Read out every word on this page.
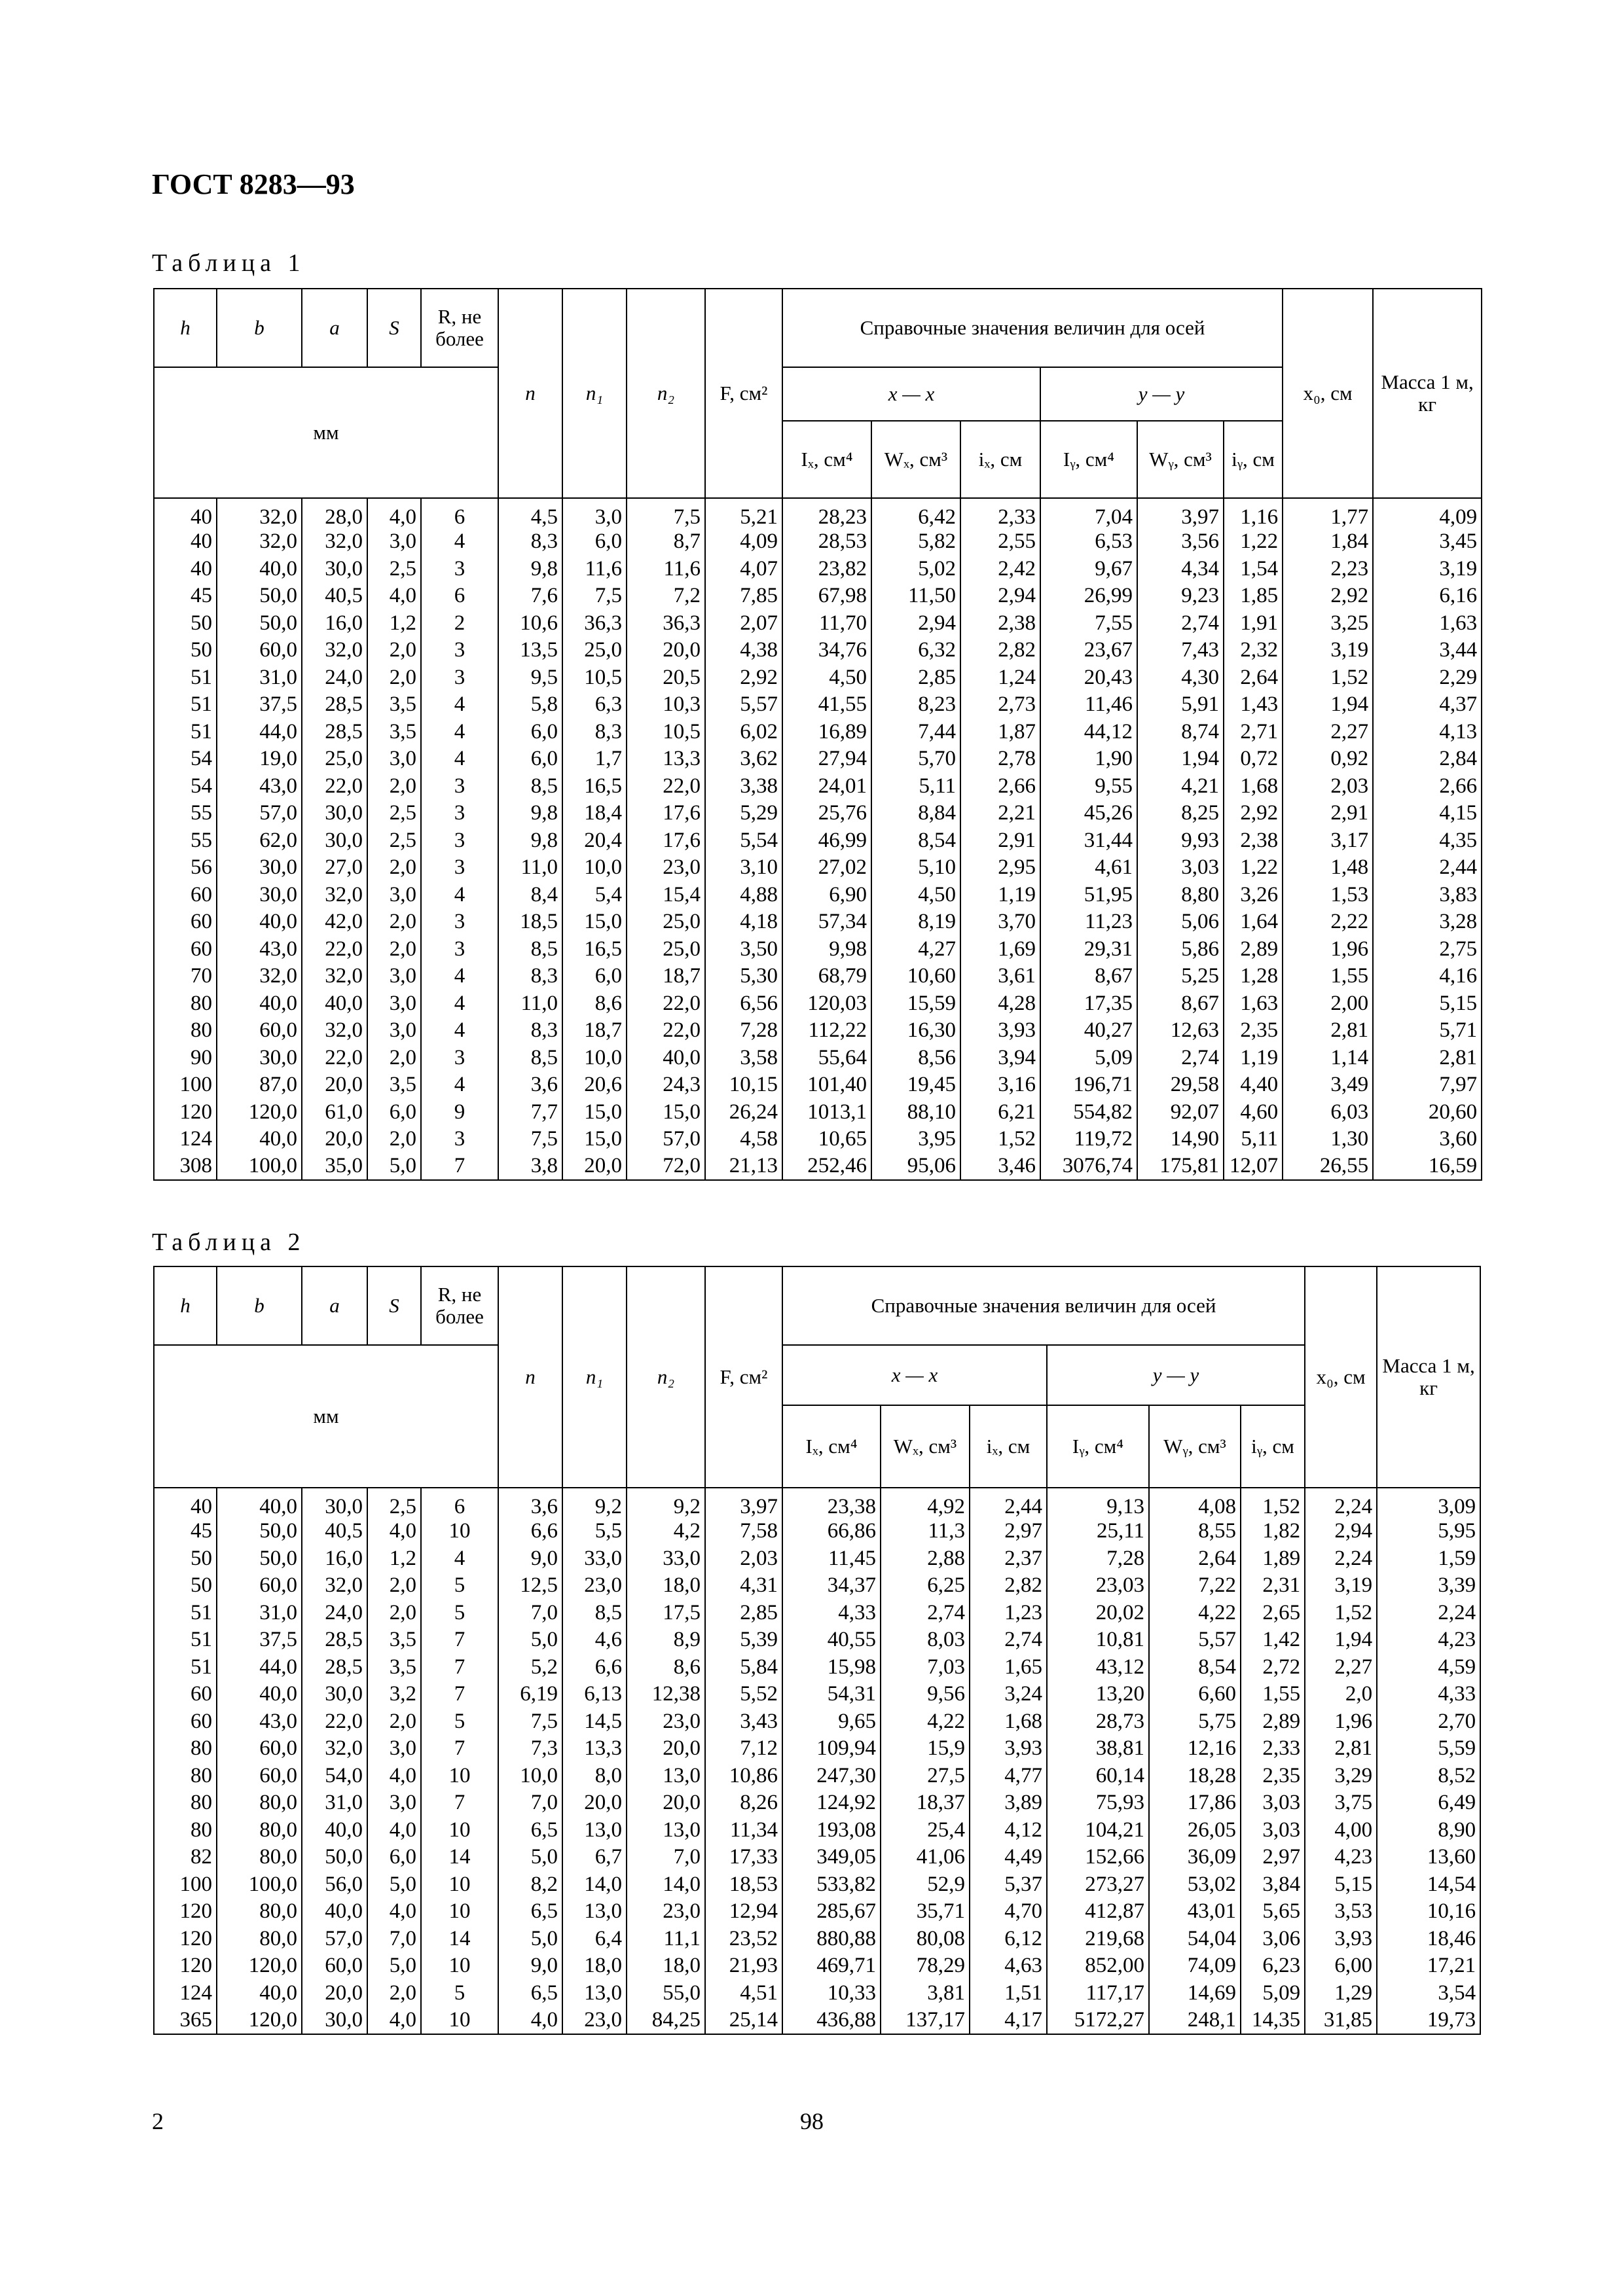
ГОСТ 8283—93
Таблица 1
h	b	a	S	R, не более	n	n₁	n₂	F, см²	Справочные значения величин для осей						x₀, см	Масса 1 м, кг
мм									x — x			y — y				
									Iₓ, см⁴	Wₓ, см³	iₓ, см	Iᵧ, см⁴	Wᵧ, см³	iᵧ, см		
40	32,0	28,0	4,0	6	4,5	3,0	7,5	5,21	28,23	6,42	2,33	7,04	3,97	1,16	1,77	4,09
40	32,0	32,0	3,0	4	8,3	6,0	8,7	4,09	28,53	5,82	2,55	6,53	3,56	1,22	1,84	3,45
40	40,0	30,0	2,5	3	9,8	11,6	11,6	4,07	23,82	5,02	2,42	9,67	4,34	1,54	2,23	3,19
45	50,0	40,5	4,0	6	7,6	7,5	7,2	7,85	67,98	11,50	2,94	26,99	9,23	1,85	2,92	6,16
50	50,0	16,0	1,2	2	10,6	36,3	36,3	2,07	11,70	2,94	2,38	7,55	2,74	1,91	3,25	1,63
50	60,0	32,0	2,0	3	13,5	25,0	20,0	4,38	34,76	6,32	2,82	23,67	7,43	2,32	3,19	3,44
51	31,0	24,0	2,0	3	9,5	10,5	20,5	2,92	4,50	2,85	1,24	20,43	4,30	2,64	1,52	2,29
51	37,5	28,5	3,5	4	5,8	6,3	10,3	5,57	41,55	8,23	2,73	11,46	5,91	1,43	1,94	4,37
51	44,0	28,5	3,5	4	6,0	8,3	10,5	6,02	16,89	7,44	1,87	44,12	8,74	2,71	2,27	4,13
54	19,0	25,0	3,0	4	6,0	1,7	13,3	3,62	27,94	5,70	2,78	1,90	1,94	0,72	0,92	2,84
54	43,0	22,0	2,0	3	8,5	16,5	22,0	3,38	24,01	5,11	2,66	9,55	4,21	1,68	2,03	2,66
55	57,0	30,0	2,5	3	9,8	18,4	17,6	5,29	25,76	8,84	2,21	45,26	8,25	2,92	2,91	4,15
55	62,0	30,0	2,5	3	9,8	20,4	17,6	5,54	46,99	8,54	2,91	31,44	9,93	2,38	3,17	4,35
56	30,0	27,0	2,0	3	11,0	10,0	23,0	3,10	27,02	5,10	2,95	4,61	3,03	1,22	1,48	2,44
60	30,0	32,0	3,0	4	8,4	5,4	15,4	4,88	6,90	4,50	1,19	51,95	8,80	3,26	1,53	3,83
60	40,0	42,0	2,0	3	18,5	15,0	25,0	4,18	57,34	8,19	3,70	11,23	5,06	1,64	2,22	3,28
60	43,0	22,0	2,0	3	8,5	16,5	25,0	3,50	9,98	4,27	1,69	29,31	5,86	2,89	1,96	2,75
70	32,0	32,0	3,0	4	8,3	6,0	18,7	5,30	68,79	10,60	3,61	8,67	5,25	1,28	1,55	4,16
80	40,0	40,0	3,0	4	11,0	8,6	22,0	6,56	120,03	15,59	4,28	17,35	8,67	1,63	2,00	5,15
80	60,0	32,0	3,0	4	8,3	18,7	22,0	7,28	112,22	16,30	3,93	40,27	12,63	2,35	2,81	5,71
90	30,0	22,0	2,0	3	8,5	10,0	40,0	3,58	55,64	8,56	3,94	5,09	2,74	1,19	1,14	2,81
100	87,0	20,0	3,5	4	3,6	20,6	24,3	10,15	101,40	19,45	3,16	196,71	29,58	4,40	3,49	7,97
120	120,0	61,0	6,0	9	7,7	15,0	15,0	26,24	1013,1	88,10	6,21	554,82	92,07	4,60	6,03	20,60
124	40,0	20,0	2,0	3	7,5	15,0	57,0	4,58	10,65	3,95	1,52	119,72	14,90	5,11	1,30	3,60
308	100,0	35,0	5,0	7	3,8	20,0	72,0	21,13	252,46	95,06	3,46	3076,74	175,81	12,07	26,55	16,59
Таблица 2
h	b	a	S	R, не более	n	n₁	n₂	F, см²	Справочные значения величин для осей						x₀, см	Масса 1 м, кг
мм									x — x			y — y				
									Iₓ, см⁴	Wₓ, см³	iₓ, см	Iᵧ, см⁴	Wᵧ, см³	iᵧ, см		
40	40,0	30,0	2,5	6	3,6	9,2	9,2	3,97	23,38	4,92	2,44	9,13	4,08	1,52	2,24	3,09
45	50,0	40,5	4,0	10	6,6	5,5	4,2	7,58	66,86	11,3	2,97	25,11	8,55	1,82	2,94	5,95
50	50,0	16,0	1,2	4	9,0	33,0	33,0	2,03	11,45	2,88	2,37	7,28	2,64	1,89	2,24	1,59
50	60,0	32,0	2,0	5	12,5	23,0	18,0	4,31	34,37	6,25	2,82	23,03	7,22	2,31	3,19	3,39
51	31,0	24,0	2,0	5	7,0	8,5	17,5	2,85	4,33	2,74	1,23	20,02	4,22	2,65	1,52	2,24
51	37,5	28,5	3,5	7	5,0	4,6	8,9	5,39	40,55	8,03	2,74	10,81	5,57	1,42	1,94	4,23
51	44,0	28,5	3,5	7	5,2	6,6	8,6	5,84	15,98	7,03	1,65	43,12	8,54	2,72	2,27	4,59
60	40,0	30,0	3,2	7	6,19	6,13	12,38	5,52	54,31	9,56	3,24	13,20	6,60	1,55	2,0	4,33
60	43,0	22,0	2,0	5	7,5	14,5	23,0	3,43	9,65	4,22	1,68	28,73	5,75	2,89	1,96	2,70
80	60,0	32,0	3,0	7	7,3	13,3	20,0	7,12	109,94	15,9	3,93	38,81	12,16	2,33	2,81	5,59
80	60,0	54,0	4,0	10	10,0	8,0	13,0	10,86	247,30	27,5	4,77	60,14	18,28	2,35	3,29	8,52
80	80,0	31,0	3,0	7	7,0	20,0	20,0	8,26	124,92	18,37	3,89	75,93	17,86	3,03	3,75	6,49
80	80,0	40,0	4,0	10	6,5	13,0	13,0	11,34	193,08	25,4	4,12	104,21	26,05	3,03	4,00	8,90
82	80,0	50,0	6,0	14	5,0	6,7	7,0	17,33	349,05	41,06	4,49	152,66	36,09	2,97	4,23	13,60
100	100,0	56,0	5,0	10	8,2	14,0	14,0	18,53	533,82	52,9	5,37	273,27	53,02	3,84	5,15	14,54
120	80,0	40,0	4,0	10	6,5	13,0	23,0	12,94	285,67	35,71	4,70	412,87	43,01	5,65	3,53	10,16
120	80,0	57,0	7,0	14	5,0	6,4	11,1	23,52	880,88	80,08	6,12	219,68	54,04	3,06	3,93	18,46
120	120,0	60,0	5,0	10	9,0	18,0	18,0	21,93	469,71	78,29	4,63	852,00	74,09	6,23	6,00	17,21
124	40,0	20,0	2,0	5	6,5	13,0	55,0	4,51	10,33	3,81	1,51	117,17	14,69	5,09	1,29	3,54
365	120,0	30,0	4,0	10	4,0	23,0	84,25	25,14	436,88	137,17	4,17	5172,27	248,1	14,35	31,85	19,73
2	98
